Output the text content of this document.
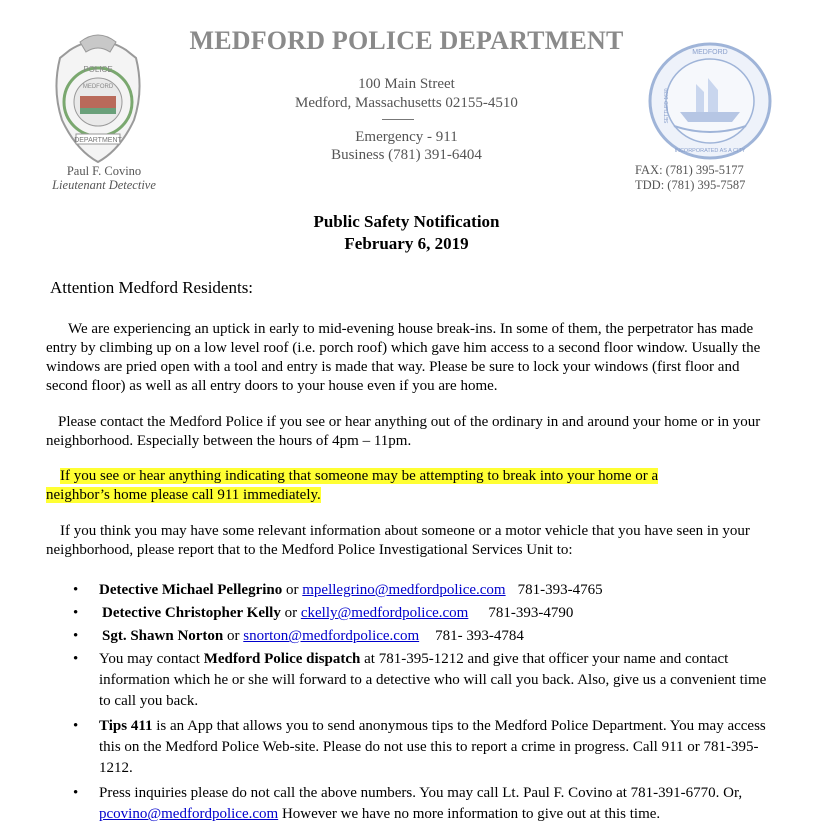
POLICE
MEDFORD
DEPARTMENT
MEDFORD
SETTLED 1630
INCORPORATED AS A CITY
MEDFORD POLICE DEPARTMENT
100 Main Street
Medford, Massachusetts 02155-4510
Emergency - 911
Business (781) 391-6404
Paul F. Covino
Lieutenant Detective
FAX: (781) 395-5177
TDD: (781) 395-7587
Public Safety Notification
February 6, 2019
Attention Medford Residents:
We are experiencing an uptick in early to mid-evening house break-ins. In some of them, the perpetrator has made entry by climbing up on a low level roof (i.e. porch roof) which gave him access to a second floor window. Usually the windows are pried open with a tool and entry is made that way. Please be sure to lock your windows (first floor and second floor) as well as all entry doors to your house even if you are home.
Please contact the Medford Police if you see or hear anything out of the ordinary in and around your home or in your neighborhood. Especially between the hours of 4pm – 11pm.
If you see or hear anything indicating that someone may be attempting to break into your home or a
neighbor’s home please call 911 immediately.
If you think you may have some relevant information about someone or a motor vehicle that you have seen in your neighborhood, please report that to the Medford Police Investigational Services Unit to:
• Detective Michael Pellegrino or mpellegrino@medfordpolice.com 781-393-4765
• Detective Christopher Kelly or ckelly@medfordpolice.com 781-393-4790
• Sgt. Shawn Norton or snorton@medfordpolice.com 781- 393-4784
• You may contact Medford Police dispatch at 781-395-1212 and give that officer your name and contact information which he or she will forward to a detective who will call you back. Also, give us a convenient time to call you back.
• Tips 411 is an App that allows you to send anonymous tips to the Medford Police Department. You may access this on the Medford Police Web-site. Please do not use this to report a crime in progress. Call 911 or 781-395-1212.
• Press inquiries please do not call the above numbers. You may call Lt. Paul F. Covino at 781-391-6770. Or, pcovino@medfordpolice.com However we have no more information to give out at this time.
